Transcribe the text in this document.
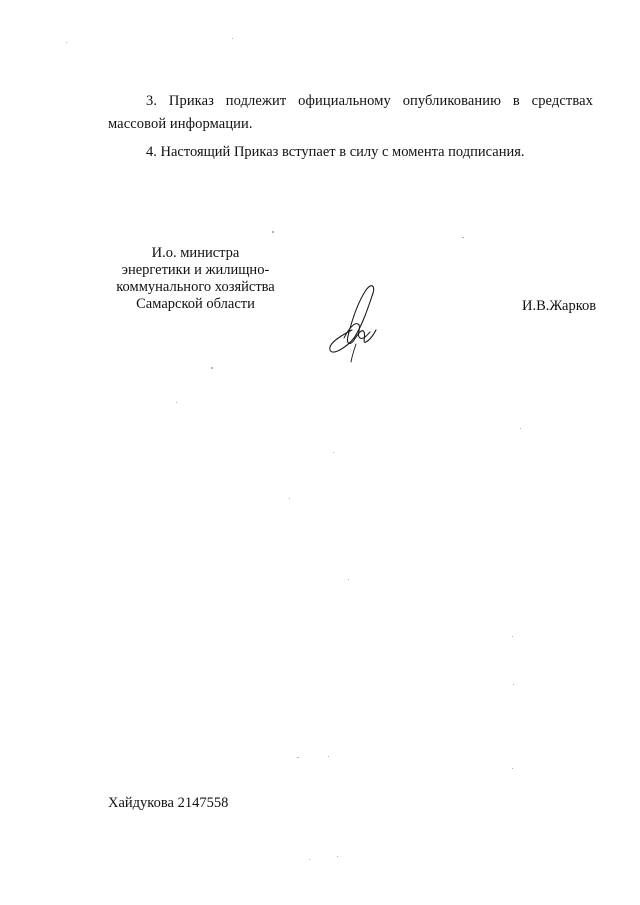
3. Приказ подлежит официальному опубликованию в средствах
массовой информации.
4. Настоящий Приказ вступает в силу с момента подписания.
И.о. министра
энергетики и жилищно-
коммунального хозяйства
Самарской области	И.В.Жарков
Хайдукова 2147558
